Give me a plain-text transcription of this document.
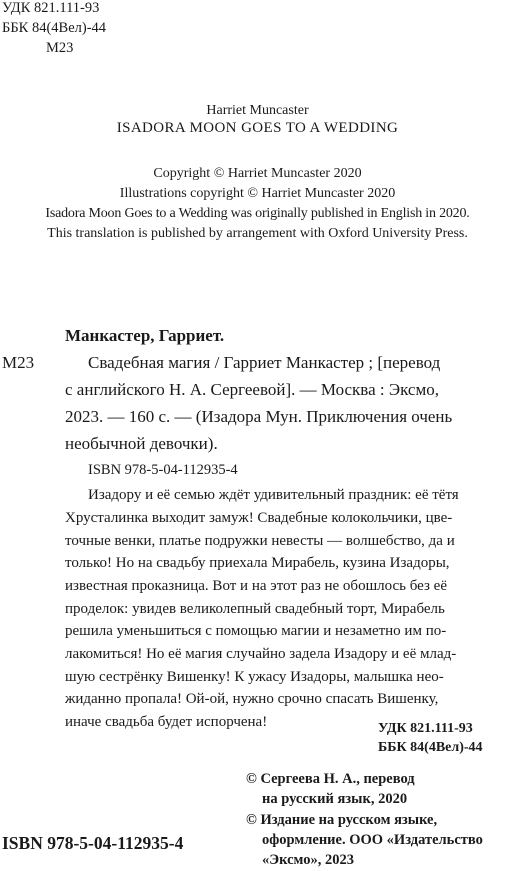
УДК 821.111-93
ББК 84(4Вел)-44
М23
Harriet Muncaster
ISADORA MOON GOES TO A WEDDING
Copyright © Harriet Muncaster 2020
Illustrations copyright © Harriet Muncaster 2020
Isadora Moon Goes to a Wedding was originally published in English in 2020.
This translation is published by arrangement with Oxford University Press.
Манкастер, Гарриет.
М23	Свадебная магия / Гарриет Манкастер ; [перевод
с английского Н. А. Сергеевой]. — Москва : Эксмо,
2023. — 160 с. — (Изадора Мун. Приключения очень
необычной девочки).
ISBN 978-5-04-112935-4
Изадору и её семью ждёт удивительный праздник: её тётя
Хрусталинка выходит замуж! Свадебные колокольчики, цве-
точные венки, платье подружки невесты — волшебство, да и
только! Но на свадьбу приехала Мирабель, кузина Изадоры,
известная проказница. Вот и на этот раз не обошлось без её
проделок: увидев великолепный свадебный торт, Мирабель
решила уменьшиться с помощью магии и незаметно им по-
лакомиться! Но её магия случайно задела Изадору и её млад-
шую сестрёнку Вишенку! К ужасу Изадоры, малышка нео-
жиданно пропала! Ой-ой, нужно срочно спасать Вишенку,
иначе свадьба будет испорчена!	УДК 821.111-93
ББК 84(4Вел)-44
© Сергеева Н. А., перевод
на русский язык, 2020
© Издание на русском языке,
оформление. ООО «Издательство
«Эксмо», 2023
ISBN 978-5-04-112935-4
